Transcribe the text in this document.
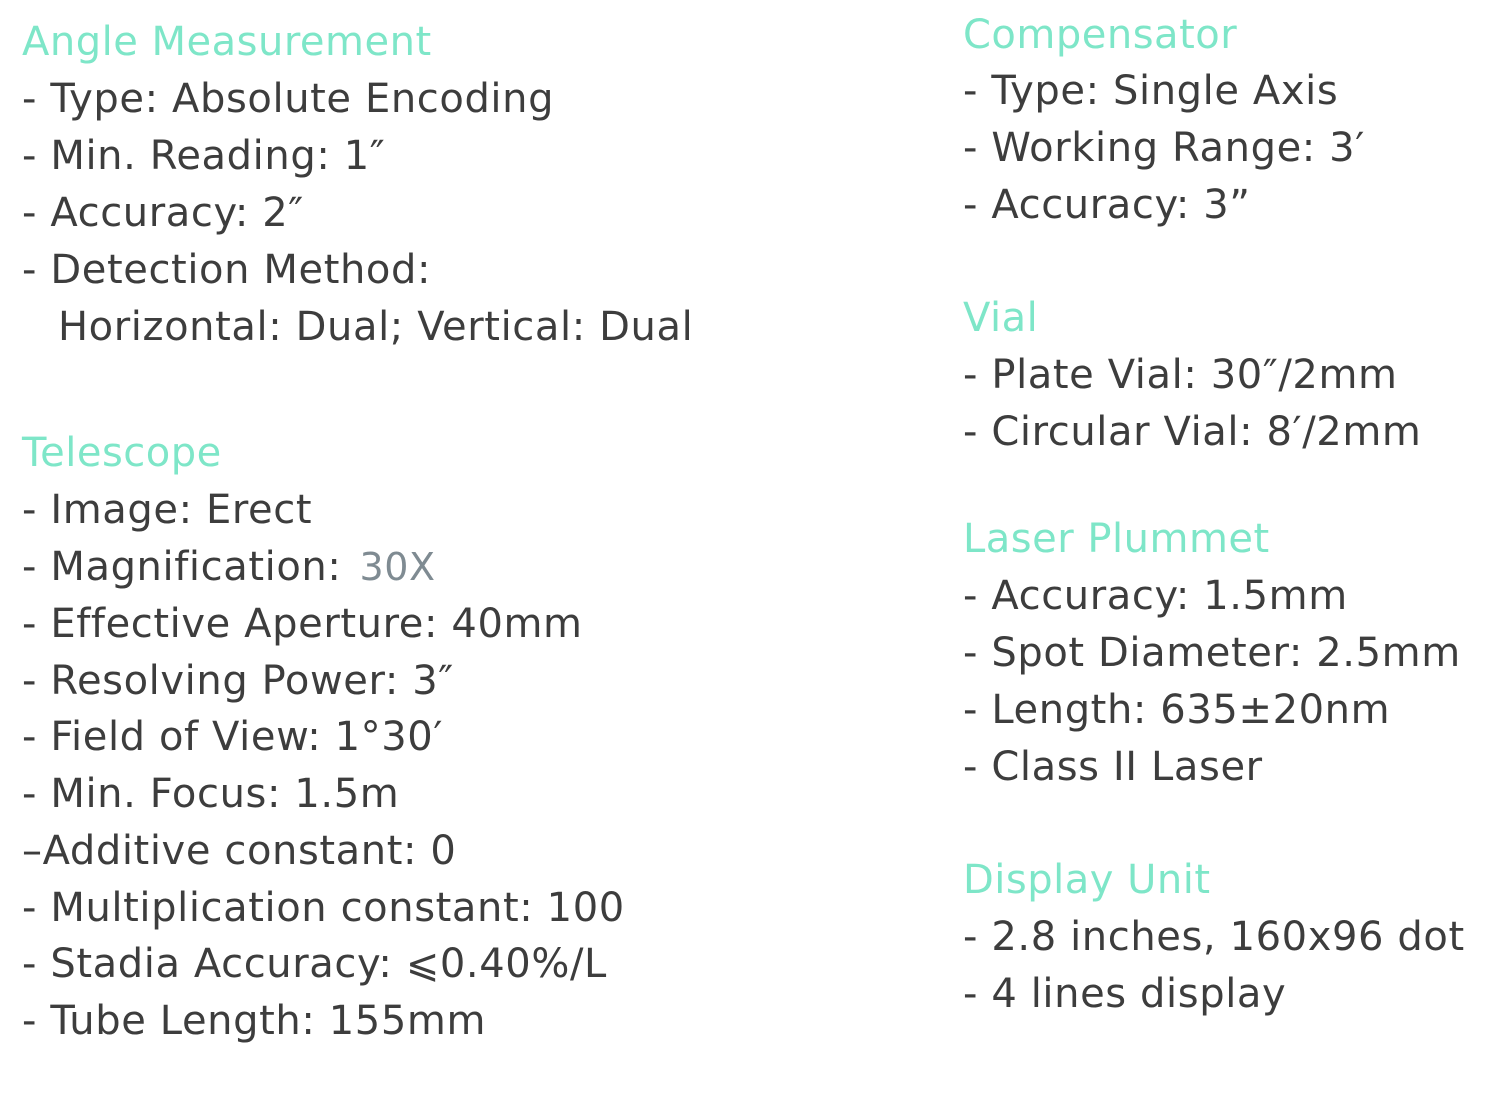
Angle Measurement
- Type: Absolute Encoding
- Min. Reading: 1″
- Accuracy: 2″
- Detection Method:
Horizontal: Dual; Vertical: Dual
Telescope
- Image: Erect
- Magnification: 30X
- Effective Aperture: 40mm
- Resolving Power: 3″
- Field of View: 1°30′
- Min. Focus: 1.5m
–Additive constant: 0
- Multiplication constant: 100
- Stadia Accuracy: ⩽0.40%/L
- Tube Length: 155mm
Compensator
- Type: Single Axis
- Working Range: 3′
- Accuracy: 3”
Vial
- Plate Vial: 30″/2mm
- Circular Vial: 8′/2mm
Laser Plummet
- Accuracy: 1.5mm
- Spot Diameter: 2.5mm
- Length: 635±20nm
- Class II Laser
Display Unit
- 2.8 inches, 160x96 dot
- 4 lines display
